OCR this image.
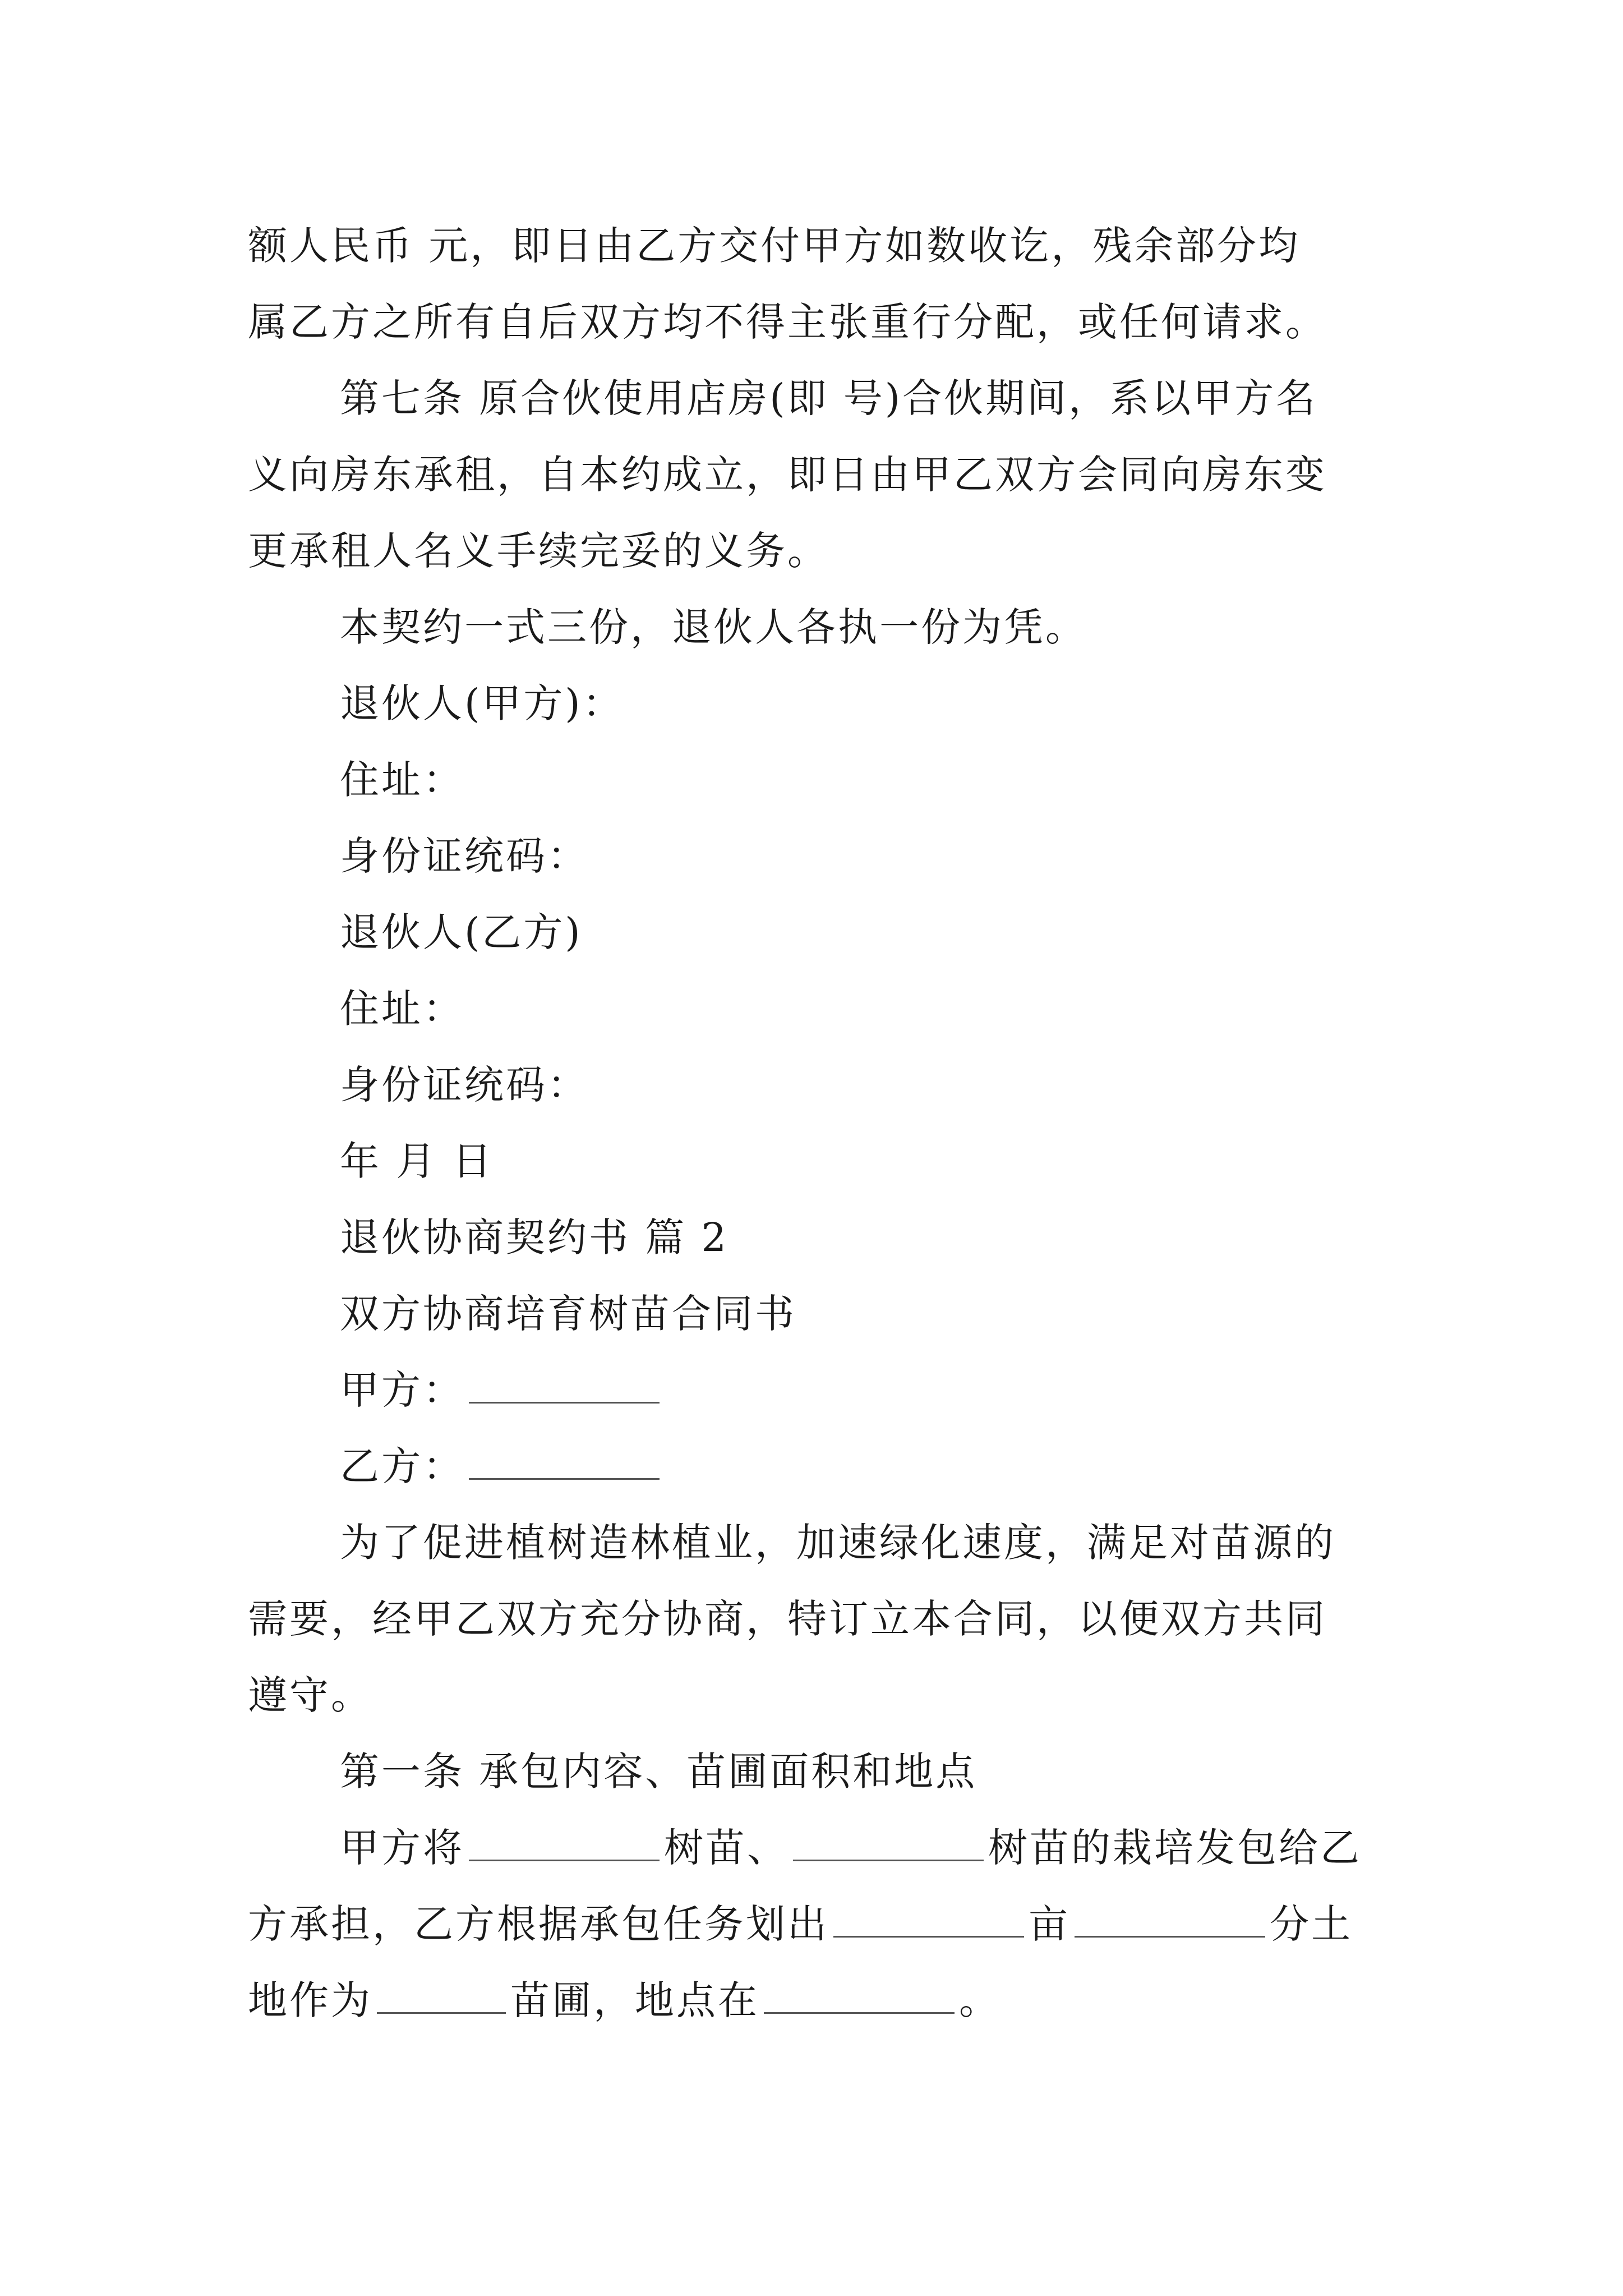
额人民币 元，即日由乙方交付甲方如数收讫，残余部分均
属乙方之所有自后双方均不得主张重行分配，或任何请求。
第七条 原合伙使用店房(即 号)合伙期间，系以甲方名
义向房东承租，自本约成立，即日由甲乙双方会同向房东变
更承租人名义手续完妥的义务。
本契约一式三份，退伙人各执一份为凭。
退伙人(甲方)：
住址：
身份证统码：
退伙人(乙方)
住址：
身份证统码：
年 月 日
退伙协商契约书 篇 2
双方协商培育树苗合同书
甲方：
乙方：
为了促进植树造林植业，加速绿化速度，满足对苗源的
需要，经甲乙双方充分协商，特订立本合同，以便双方共同
遵守。
第一条 承包内容、苗圃面积和地点
甲方将	树苗、	树苗的栽培发包给乙
方承担，乙方根据承包任务划出	亩	分土
地作为	苗圃，地点在	。
